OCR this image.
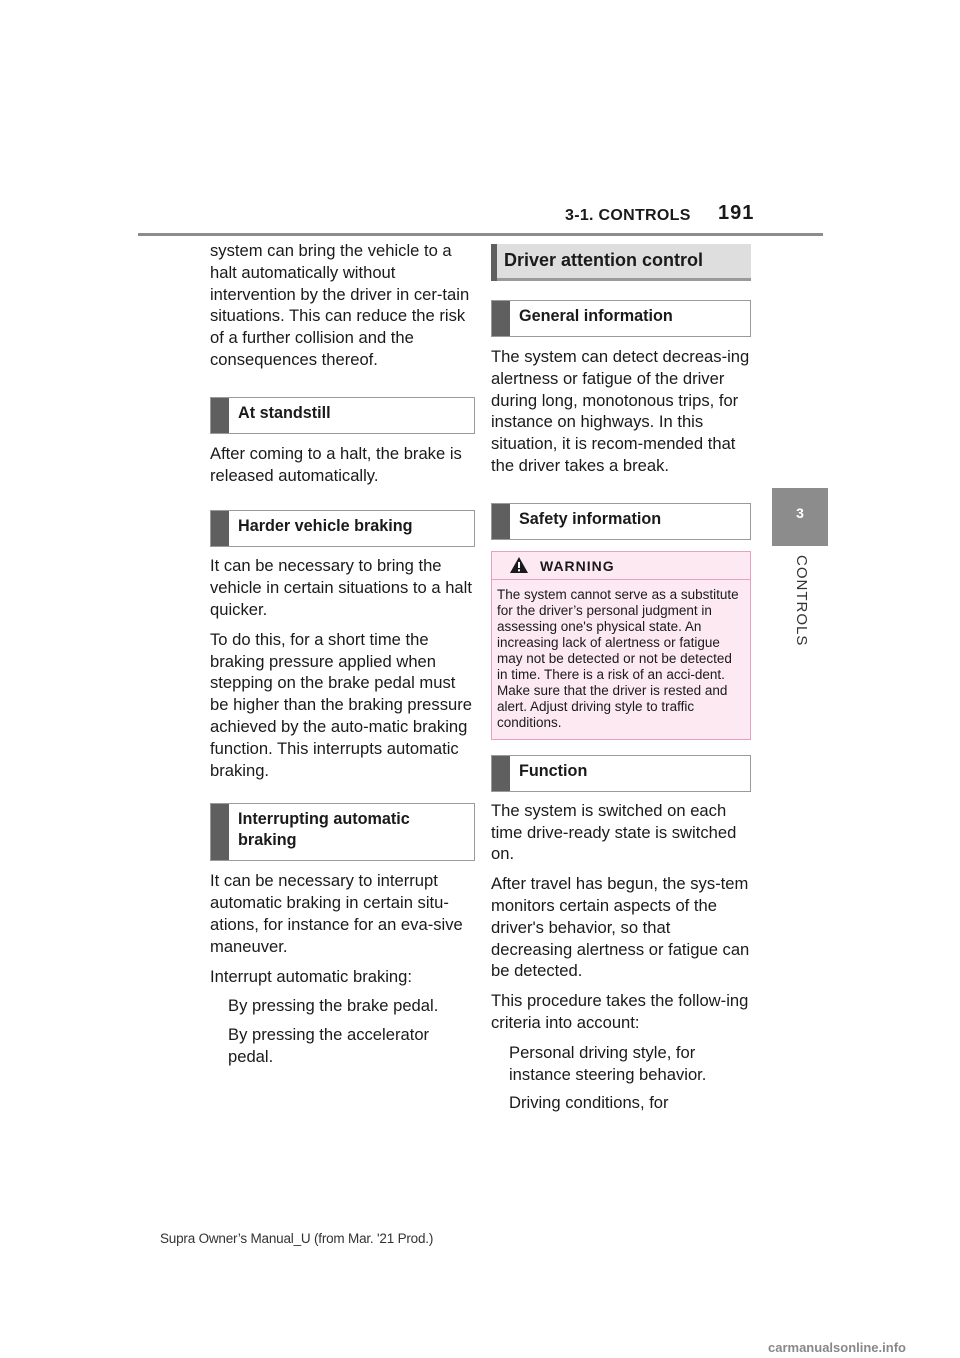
3-1. CONTROLS 191
3
CONTROLS

system can bring the vehicle to a halt automatically without intervention by the driver in cer-tain situations. This can reduce the risk of a further collision and the consequences thereof.

At standstill

After coming to a halt, the brake is released automatically.

Harder vehicle braking

It can be necessary to bring the vehicle in certain situations to a halt quicker.

To do this, for a short time the braking pressure applied when stepping on the brake pedal must be higher than the braking pressure achieved by the auto-matic braking function. This interrupts automatic braking.

Interrupting automatic braking

It can be necessary to interrupt automatic braking in certain situ-ations, for instance for an eva-sive maneuver.

Interrupt automatic braking:

By pressing the brake pedal.
By pressing the accelerator pedal.
Driver attention control
General information

The system can detect decreas-ing alertness or fatigue of the driver during long, monotonous trips, for instance on highways. In this situation, it is recom-mended that the driver takes a break.

Safety information
WARNING
The system cannot serve as a substitute for the driver’s personal judgment in assessing one's physical state. An increasing lack of alertness or fatigue may not be detected or not be detected in time. There is a risk of an acci-dent. Make sure that the driver is rested and alert. Adjust driving style to traffic conditions.
Function

The system is switched on each time drive-ready state is switched on.

After travel has begun, the sys-tem monitors certain aspects of the driver's behavior, so that decreasing alertness or fatigue can be detected.

This procedure takes the follow-ing criteria into account:

Personal driving style, for instance steering behavior.
Driving conditions, for
Supra Owner’s Manual_U (from Mar. '21 Prod.)
carmanualsonline.info
